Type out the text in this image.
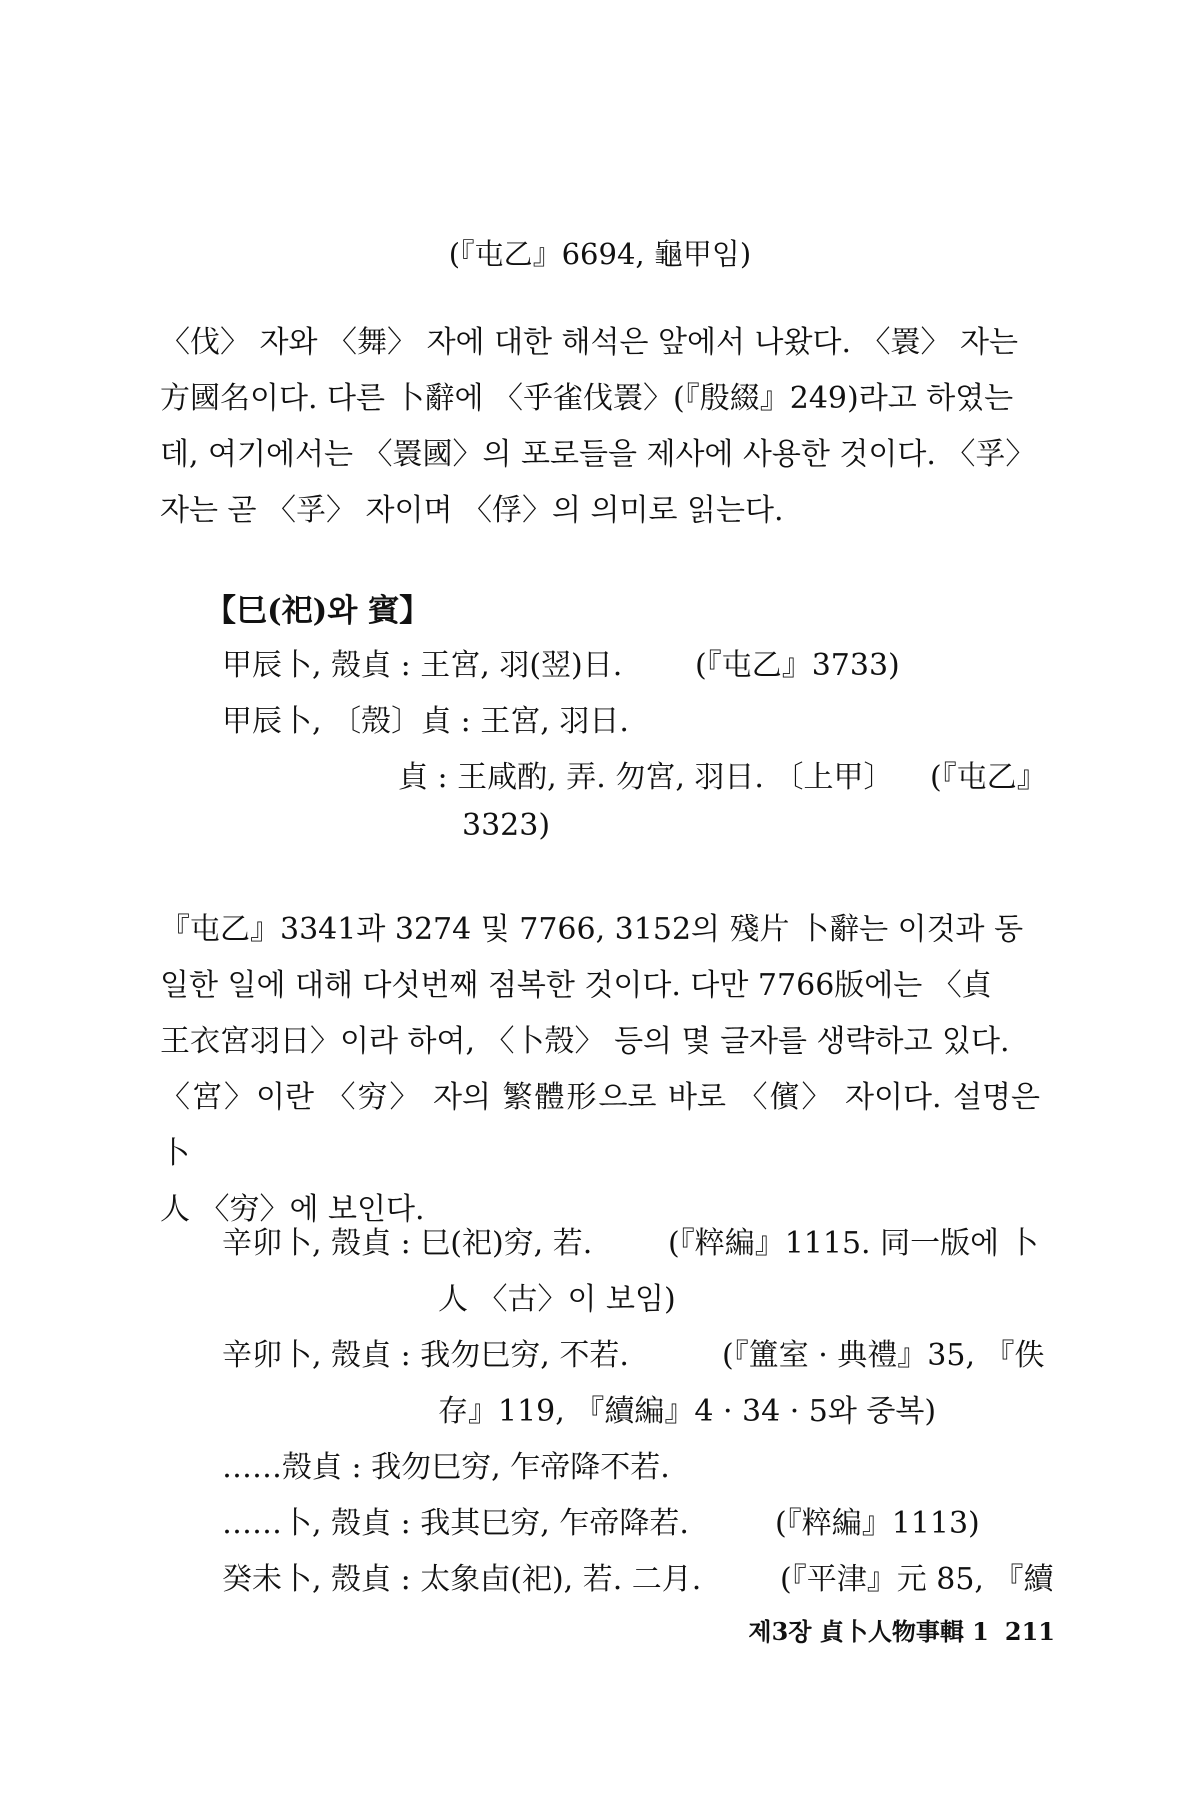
(『屯乙』6694, 龜甲임)

〈伐〉 자와 〈舞〉 자에 대한 해석은 앞에서 나왔다. 〈瞏〉 자는

方國名이다. 다른 卜辭에 〈乎雀伐瞏〉(『殷綴』249)라고 하였는

데, 여기에서는 〈瞏國〉의 포로들을 제사에 사용한 것이다. 〈孚〉

자는 곧 〈孚〉 자이며 〈俘〉의 의미로 읽는다.

【巳(祀)와 賓】
甲辰卜, 殼貞 : 王宮, 羽(翌)日. (『屯乙』3733)
甲辰卜, 〔殼〕貞 : 王宮, 羽日.
貞 : 王咸酌, 弄. 勿宮, 羽日. 〔上甲〕 (『屯乙』
3323)

『屯乙』3341과 3274 및 7766, 3152의 殘片 卜辭는 이것과 동

일한 일에 대해 다섯번째 점복한 것이다. 다만 7766版에는 〈貞

王衣宮羽日〉이라 하여, 〈卜殼〉 등의 몇 글자를 생략하고 있다.

〈宮〉이란 〈穷〉 자의 繁體形으로 바로 〈儐〉 자이다. 설명은 卜

人 〈穷〉에 보인다.

辛卯卜, 殼貞 : 巳(祀)穷, 若.	(『粹編』1115. 同一版에 卜
人 〈古〉이 보임)
辛卯卜, 殼貞 : 我勿巳穷, 不若.	(『簠室 · 典禮』35, 『佚
存』119, 『續編』4 · 34 · 5와 중복)
……殼貞 : 我勿巳穷, 乍帝降不若.
……卜, 殼貞 : 我其巳穷, 乍帝降若.	(『粹編』1113)
癸未卜, 殼貞 : 太象卣(祀), 若. 二月.	(『平津』元 85, 『續
제3장 貞卜人物事輯 1 211
